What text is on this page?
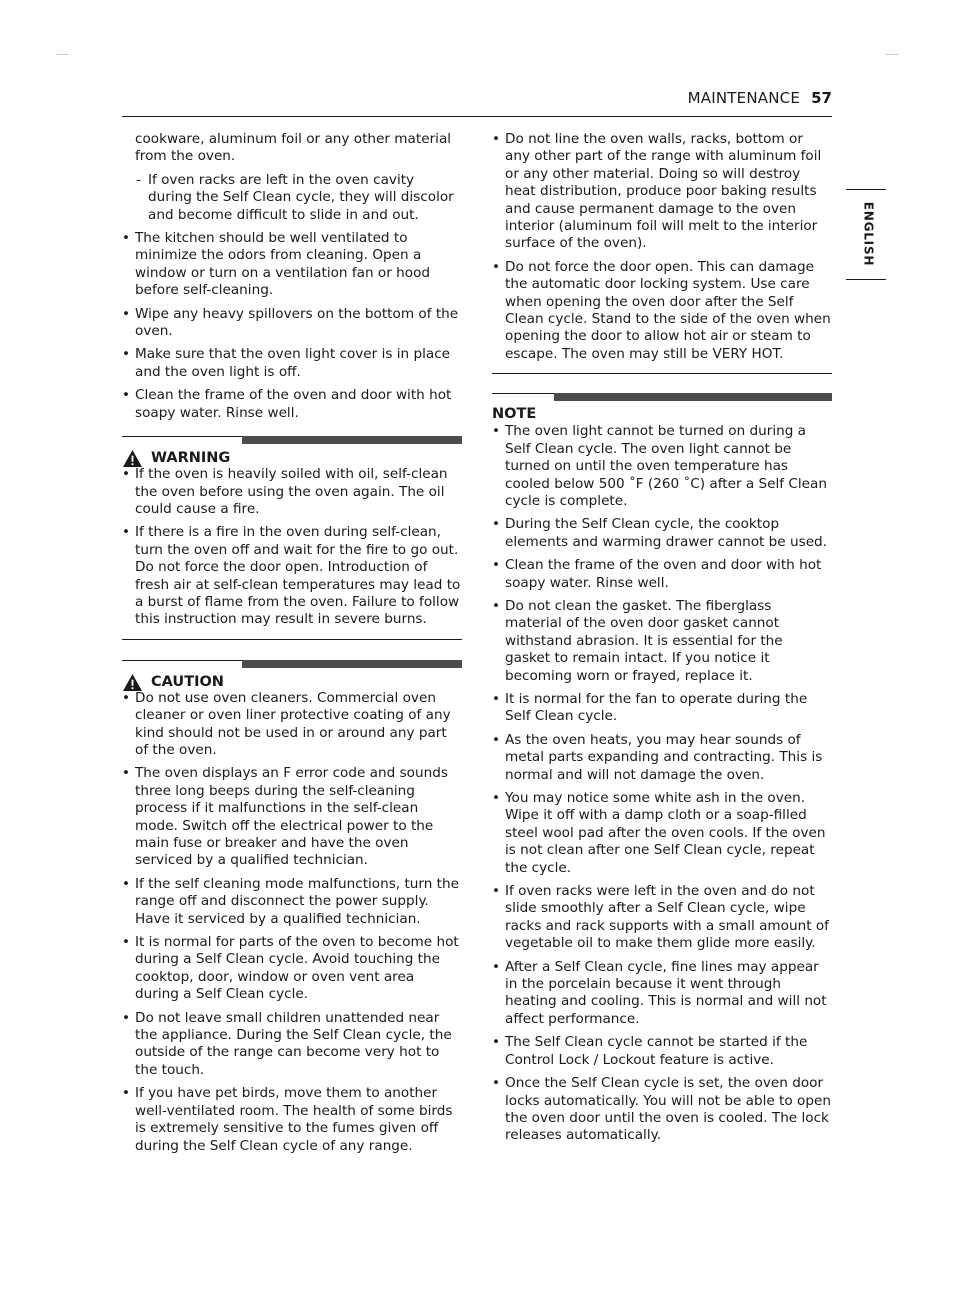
MAINTENANCE 57
ENGLISH

cookware, aluminum foil or any other material from the oven.

- If oven racks are left in the oven cavity during the Self Clean cycle, they will discolor and become difficult to slide in and out.
• The kitchen should be well ventilated to minimize the odors from cleaning. Open a window or turn on a ventilation fan or hood before self-cleaning.
• Wipe any heavy spillovers on the bottom of the oven.
• Make sure that the oven light cover is in place and the oven light is off.
• Clean the frame of the oven and door with hot soapy water. Rinse well.
WARNING
• If the oven is heavily soiled with oil, self-clean the oven before using the oven again. The oil could cause a fire.
• If there is a fire in the oven during self-clean, turn the oven off and wait for the fire to go out. Do not force the door open. Introduction of fresh air at self-clean temperatures may lead to a burst of flame from the oven. Failure to follow this instruction may result in severe burns.
CAUTION
• Do not use oven cleaners. Commercial oven cleaner or oven liner protective coating of any kind should not be used in or around any part of the oven.
• The oven displays an F error code and sounds three long beeps during the self-cleaning process if it malfunctions in the self-clean mode. Switch off the electrical power to the main fuse or breaker and have the oven serviced by a qualified technician.
• If the self cleaning mode malfunctions, turn the range off and disconnect the power supply. Have it serviced by a qualified technician.
• It is normal for parts of the oven to become hot during a Self Clean cycle. Avoid touching the cooktop, door, window or oven vent area during a Self Clean cycle.
• Do not leave small children unattended near the appliance. During the Self Clean cycle, the outside of the range can become very hot to the touch.
• If you have pet birds, move them to another well-ventilated room. The health of some birds is extremely sensitive to the fumes given off during the Self Clean cycle of any range.
• Do not line the oven walls, racks, bottom or any other part of the range with aluminum foil or any other material. Doing so will destroy heat distribution, produce poor baking results and cause permanent damage to the oven interior (aluminum foil will melt to the interior surface of the oven).
• Do not force the door open. This can damage the automatic door locking system. Use care when opening the oven door after the Self Clean cycle. Stand to the side of the oven when opening the door to allow hot air or steam to escape. The oven may still be VERY HOT.
NOTE
• The oven light cannot be turned on during a Self Clean cycle. The oven light cannot be turned on until the oven temperature has cooled below 500 ˚F (260 ˚C) after a Self Clean cycle is complete.
• During the Self Clean cycle, the cooktop elements and warming drawer cannot be used.
• Clean the frame of the oven and door with hot soapy water. Rinse well.
• Do not clean the gasket. The fiberglass material of the oven door gasket cannot withstand abrasion. It is essential for the gasket to remain intact. If you notice it becoming worn or frayed, replace it.
• It is normal for the fan to operate during the Self Clean cycle.
• As the oven heats, you may hear sounds of metal parts expanding and contracting. This is normal and will not damage the oven.
• You may notice some white ash in the oven. Wipe it off with a damp cloth or a soap-filled steel wool pad after the oven cools. If the oven is not clean after one Self Clean cycle, repeat the cycle.
• If oven racks were left in the oven and do not slide smoothly after a Self Clean cycle, wipe racks and rack supports with a small amount of vegetable oil to make them glide more easily.
• After a Self Clean cycle, fine lines may appear in the porcelain because it went through heating and cooling. This is normal and will not affect performance.
• The Self Clean cycle cannot be started if the Control Lock / Lockout feature is active.
• Once the Self Clean cycle is set, the oven door locks automatically. You will not be able to open the oven door until the oven is cooled. The lock releases automatically.
